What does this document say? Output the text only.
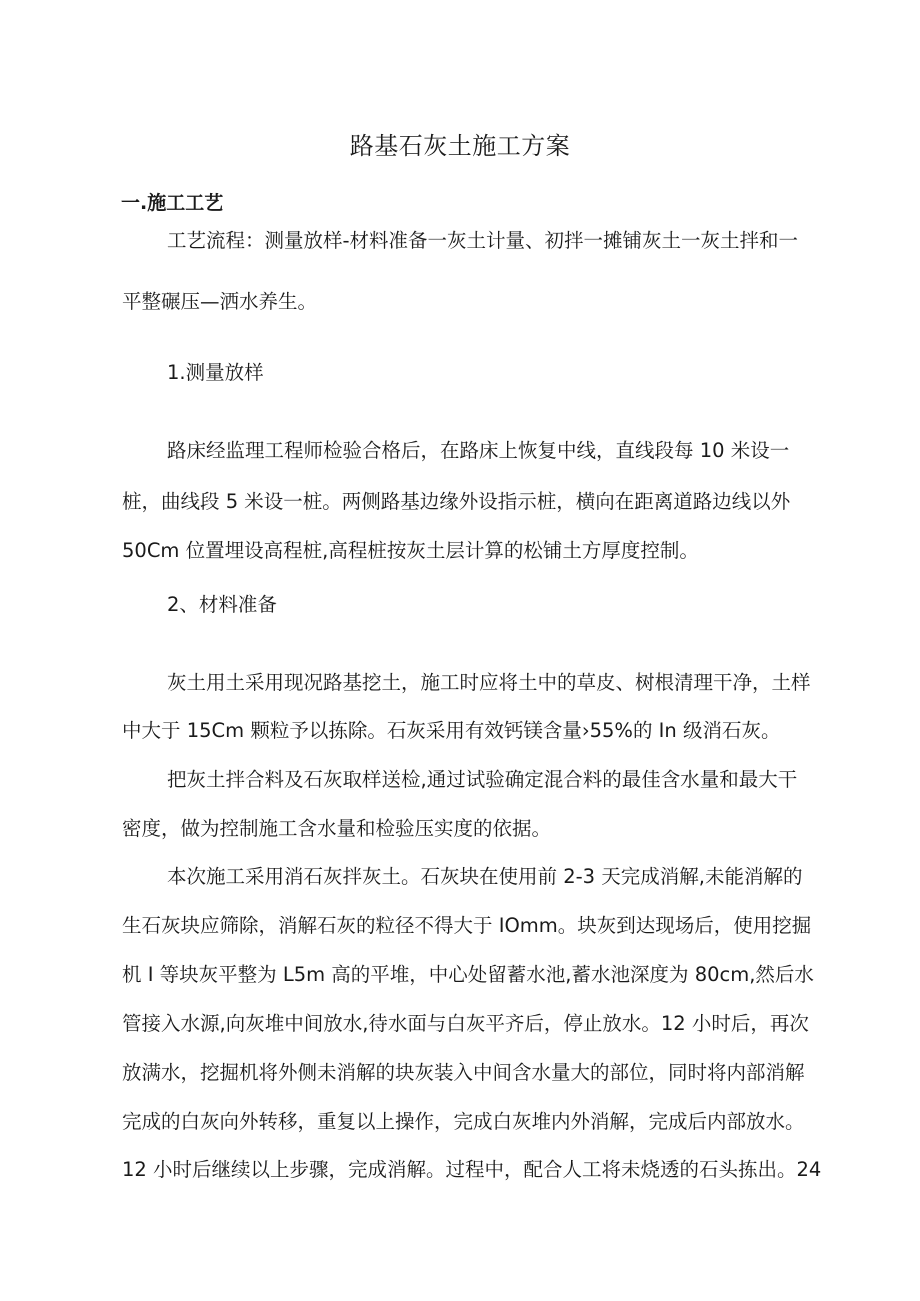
路基石灰土施工方案
一.施工工艺

工艺流程：测量放样-材料准备一灰土计量、初拌一摊铺灰土一灰土拌和一

平整碾压—洒水养生。

1.测量放样

路床经监理工程师检验合格后，在路床上恢复中线，直线段每 10 米设一

桩，曲线段 5 米设一桩。两侧路基边缘外设指示桩，横向在距离道路边线以外

50Cm 位置埋设高程桩,高程桩按灰土层计算的松铺土方厚度控制。

2、材料准备

灰土用土采用现况路基挖土，施工时应将土中的草皮、树根清理干净，土样

中大于 15Cm 颗粒予以拣除。石灰采用有效钙镁含量›55%的 In 级消石灰。

把灰土拌合料及石灰取样送检,通过试验确定混合料的最佳含水量和最大干

密度，做为控制施工含水量和检验压实度的依据。

本次施工采用消石灰拌灰土。石灰块在使用前 2-3 天完成消解,未能消解的

生石灰块应筛除，消解石灰的粒径不得大于 IOmm。块灰到达现场后，使用挖掘

机 I 等块灰平整为 L5m 高的平堆，中心处留蓄水池,蓄水池深度为 80cm,然后水

管接入水源,向灰堆中间放水,待水面与白灰平齐后，停止放水。12 小时后，再次

放满水，挖掘机将外侧未消解的块灰装入中间含水量大的部位，同时将内部消解

完成的白灰向外转移，重复以上操作，完成白灰堆内外消解，完成后内部放水。

12 小时后继续以上步骤，完成消解。过程中，配合人工将未烧透的石头拣出。24
